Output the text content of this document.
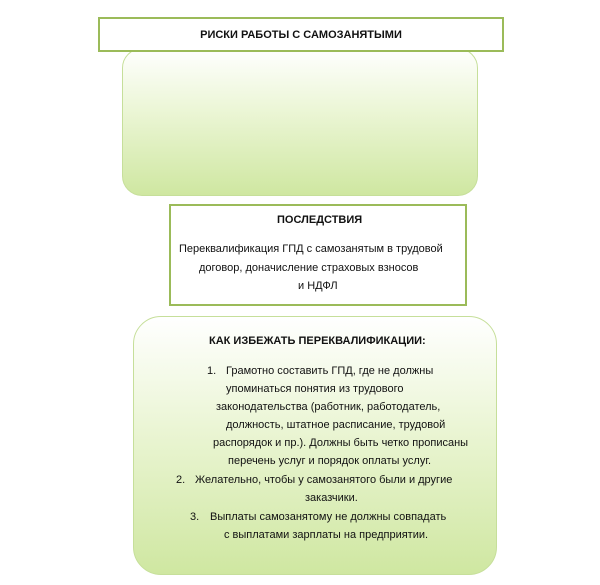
РИСКИ РАБОТЫ С САМОЗАНЯТЫМИ
ПОСЛЕДСТВИЯ
Переквалификация ГПД с самозанятым в трудовой
договор, доначисление страховых взносов
и НДФЛ
КАК ИЗБЕЖАТЬ ПЕРЕКВАЛИФИКАЦИИ:
1. Грамотно составить ГПД, где не должны
упоминаться понятия из трудового
законодательства (работник, работодатель,
должность, штатное расписание, трудовой
распорядок и пр.). Должны быть четко прописаны
перечень услуг и порядок оплаты услуг.
2. Желательно, чтобы у самозанятого были и другие
заказчики.
3. Выплаты самозанятому не должны совпадать
с выплатами зарплаты на предприятии.
